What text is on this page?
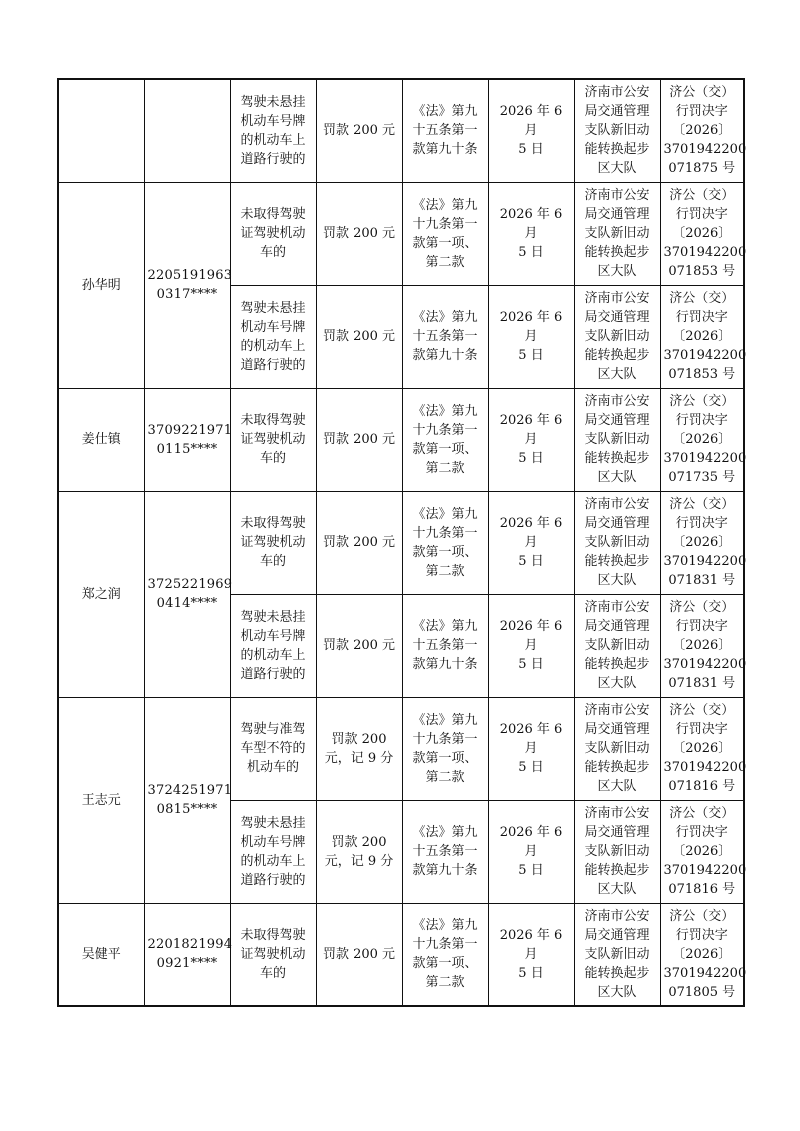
		驾驶未悬挂
机动车号牌
的机动车上
道路行驶的	罚款 200 元	《法》第九
十五条第一
款第九十条	2026 年 6 月
5 日	济南市公安
局交通管理
支队新旧动
能转换起步
区大队	济公（交）
行罚决字
〔2026〕
3701942200
071875 号
孙华明	2205191963
0317****	未取得驾驶
证驾驶机动
车的	罚款 200 元	《法》第九
十九条第一
款第一项、
第二款	2026 年 6 月
5 日	济南市公安
局交通管理
支队新旧动
能转换起步
区大队	济公（交）
行罚决字
〔2026〕
3701942200
071853 号
		驾驶未悬挂
机动车号牌
的机动车上
道路行驶的	罚款 200 元	《法》第九
十五条第一
款第九十条	2026 年 6 月
5 日	济南市公安
局交通管理
支队新旧动
能转换起步
区大队	济公（交）
行罚决字
〔2026〕
3701942200
071853 号
姜仕镇	3709221971
0115****	未取得驾驶
证驾驶机动
车的	罚款 200 元	《法》第九
十九条第一
款第一项、
第二款	2026 年 6 月
5 日	济南市公安
局交通管理
支队新旧动
能转换起步
区大队	济公（交）
行罚决字
〔2026〕
3701942200
071735 号
郑之润	3725221969
0414****	未取得驾驶
证驾驶机动
车的	罚款 200 元	《法》第九
十九条第一
款第一项、
第二款	2026 年 6 月
5 日	济南市公安
局交通管理
支队新旧动
能转换起步
区大队	济公（交）
行罚决字
〔2026〕
3701942200
071831 号
		驾驶未悬挂
机动车号牌
的机动车上
道路行驶的	罚款 200 元	《法》第九
十五条第一
款第九十条	2026 年 6 月
5 日	济南市公安
局交通管理
支队新旧动
能转换起步
区大队	济公（交）
行罚决字
〔2026〕
3701942200
071831 号
王志元	3724251971
0815****	驾驶与准驾
车型不符的
机动车的	罚款 200
元，记 9 分	《法》第九
十九条第一
款第一项、
第二款	2026 年 6 月
5 日	济南市公安
局交通管理
支队新旧动
能转换起步
区大队	济公（交）
行罚决字
〔2026〕
3701942200
071816 号
		驾驶未悬挂
机动车号牌
的机动车上
道路行驶的	罚款 200
元，记 9 分	《法》第九
十五条第一
款第九十条	2026 年 6 月
5 日	济南市公安
局交通管理
支队新旧动
能转换起步
区大队	济公（交）
行罚决字
〔2026〕
3701942200
071816 号
吴健平	2201821994
0921****	未取得驾驶
证驾驶机动
车的	罚款 200 元	《法》第九
十九条第一
款第一项、
第二款	2026 年 6 月
5 日	济南市公安
局交通管理
支队新旧动
能转换起步
区大队	济公（交）
行罚决字
〔2026〕
3701942200
071805 号
